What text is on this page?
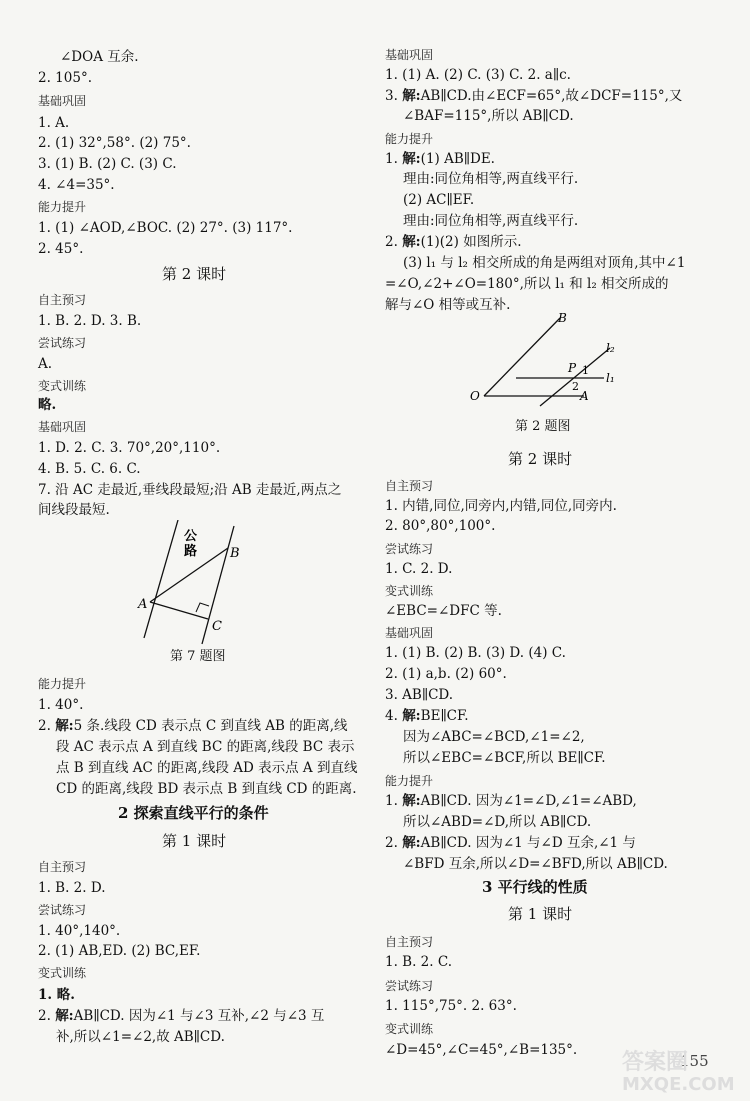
∠DOA 互余.
2. 105°.
基础巩固
1. A.
2. (1) 32°,58°. (2) 75°.
3. (1) B. (2) C. (3) C.
4. ∠4=35°.
能力提升
1. (1) ∠AOD,∠BOC. (2) 27°. (3) 117°.
2. 45°.
第 2 课时
自主预习
1. B. 2. D. 3. B.
尝试练习
A.
变式训练
略.
基础巩固
1. D. 2. C. 3. 70°,20°,110°.
4. B. 5. C. 6. C.
7. 沿 AC 走最近,垂线段最短;沿 AB 走最近,两点之
间线段最短.
公
路
A
B
C
第 7 题图
能力提升
1. 40°.
2. 解:5 条.线段 CD 表示点 C 到直线 AB 的距离,线
段 AC 表示点 A 到直线 BC 的距离,线段 BC 表示
点 B 到直线 AC 的距离,线段 AD 表示点 A 到直线
CD 的距离,线段 BD 表示点 B 到直线 CD 的距离.
2 探索直线平行的条件
第 1 课时
自主预习
1. B. 2. D.
尝试练习
1. 40°,140°.
2. (1) AB,ED. (2) BC,EF.
变式训练
1. 略.
2. 解:AB∥CD. 因为∠1 与∠3 互补,∠2 与∠3 互
补,所以∠1=∠2,故 AB∥CD.
基础巩固
1. (1) A. (2) C. (3) C. 2. a∥c.
3. 解:AB∥CD.由∠ECF=65°,故∠DCF=115°,又
∠BAF=115°,所以 AB∥CD.
能力提升
1. 解:(1) AB∥DE.
理由:同位角相等,两直线平行.
(2) AC∥EF.
理由:同位角相等,两直线平行.
2. 解:(1)(2) 如图所示.
(3) l₁ 与 l₂ 相交所成的角是两组对顶角,其中∠1
=∠O,∠2+∠O=180°,所以 l₁ 和 l₂ 相交所成的
解与∠O 相等或互补.
B
P
l₂
l₁
1
2
O	A
第 2 题图
第 2 课时
自主预习
1. 内错,同位,同旁内,内错,同位,同旁内.
2. 80°,80°,100°.
尝试练习
1. C. 2. D.
变式训练
∠EBC=∠DFC 等.
基础巩固
1. (1) B. (2) B. (3) D. (4) C.
2. (1) a,b. (2) 60°.
3. AB∥CD.
4. 解:BE∥CF.
因为∠ABC=∠BCD,∠1=∠2,
所以∠EBC=∠BCF,所以 BE∥CF.
能力提升
1. 解:AB∥CD. 因为∠1=∠D,∠1=∠ABD,
所以∠ABD=∠D,所以 AB∥CD.
2. 解:AB∥CD. 因为∠1 与∠D 互余,∠1 与
∠BFD 互余,所以∠D=∠BFD,所以 AB∥CD.
3 平行线的性质
第 1 课时
自主预习
1. B. 2. C.
尝试练习
1. 115°,75°. 2. 63°.
变式训练
∠D=45°,∠C=45°,∠B=135°.
155
答案圈
MXQE.COM
